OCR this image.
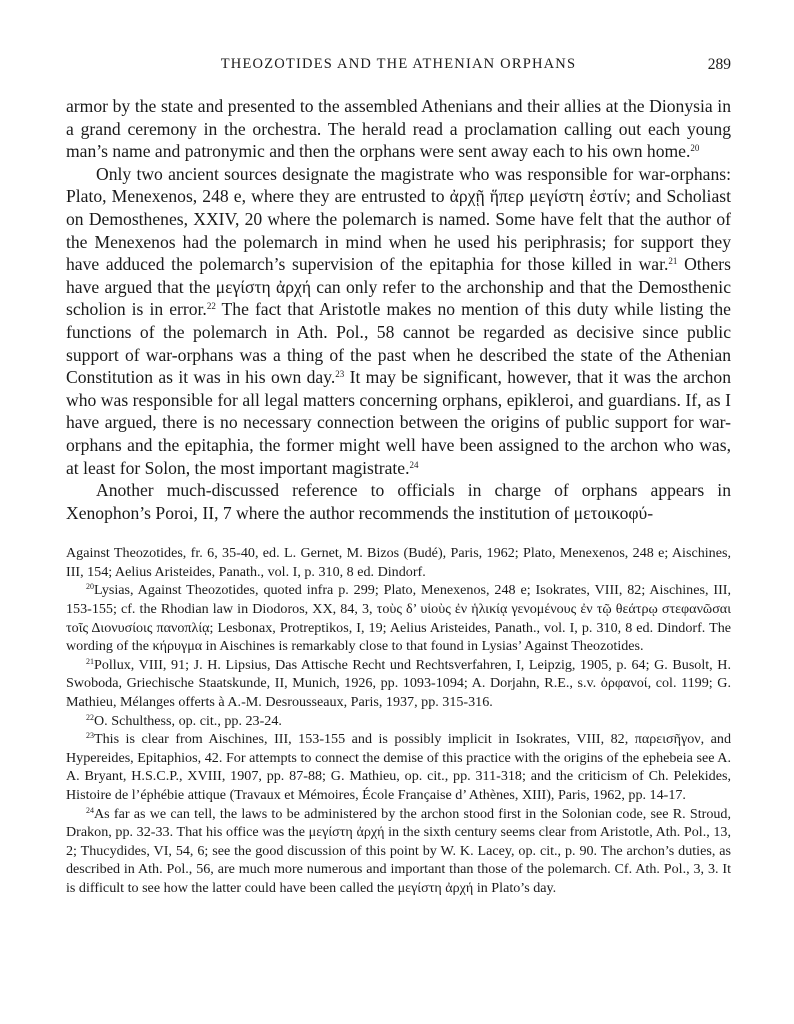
THEOZOTIDES AND THE ATHENIAN ORPHANS	289

armor by the state and presented to the assembled Athenians and their allies at the Dionysia in a grand ceremony in the orchestra. The herald read a proclamation calling out each young man’s name and patronymic and then the orphans were sent away each to his own home.$^{20}$

Only two ancient sources designate the magistrate who was responsible for war-orphans: Plato, Menexenos, 248 e, where they are entrusted to ἀρχῇ ἥπερ μεγίστη ἐστίν; and Scholiast on Demosthenes, XXIV, 20 where the polemarch is named. Some have felt that the author of the Menexenos had the polemarch in mind when he used his periphrasis; for support they have adduced the polemarch’s supervision of the epitaphia for those killed in war.$^{21}$ Others have argued that the μεγίστη ἀρχή can only refer to the archonship and that the Demosthenic scholion is in error.$^{22}$ The fact that Aristotle makes no mention of this duty while listing the functions of the polemarch in Ath. Pol., 58 cannot be regarded as decisive since public support of war-orphans was a thing of the past when he described the state of the Athenian Constitution as it was in his own day.$^{23}$ It may be significant, however, that it was the archon who was responsible for all legal matters concerning orphans, epikleroi, and guardians. If, as I have argued, there is no necessary connection between the origins of public support for war-orphans and the epitaphia, the former might well have been assigned to the archon who was, at least for Solon, the most important magistrate.$^{24}$

Another much-discussed reference to officials in charge of orphans appears in Xenophon’s Poroi, II, 7 where the author recommends the institution of μετοικοφύ-

Against Theozotides, fr. 6, 35-40, ed. L. Gernet, M. Bizos (Budé), Paris, 1962; Plato, Menexenos, 248 e; Aischines, III, 154; Aelius Aristeides, Panath., vol. I, p. 310, 8 ed. Dindorf.

$^{20}$Lysias, Against Theozotides, quoted infra p. 299; Plato, Menexenos, 248 e; Isokrates, VIII, 82; Aischines, III, 153-155; cf. the Rhodian law in Diodoros, XX, 84, 3, τοὺς δ’ υἱοὺς ἐν ἡλικίᾳ γενομένους ἐν τῷ θεάτρῳ στεφανῶσαι τοῖς Διονυσίοις πανοπλίᾳ; Lesbonax, Protreptikos, I, 19; Aelius Aristeides, Panath., vol. I, p. 310, 8 ed. Dindorf. The wording of the κήρυγμα in Aischines is remarkably close to that found in Lysias’ Against Theozotides.

$^{21}$Pollux, VIII, 91; J. H. Lipsius, Das Attische Recht und Rechtsverfahren, I, Leipzig, 1905, p. 64; G. Busolt, H. Swoboda, Griechische Staatskunde, II, Munich, 1926, pp. 1093-1094; A. Dorjahn, R.E., s.v. ὀρφανοί, col. 1199; G. Mathieu, Mélanges offerts à A.-M. Desrousseaux, Paris, 1937, pp. 315-316.

$^{22}$O. Schulthess, op. cit., pp. 23-24.

$^{23}$This is clear from Aischines, III, 153-155 and is possibly implicit in Isokrates, VIII, 82, παρεισῆγον, and Hypereides, Epitaphios, 42. For attempts to connect the demise of this practice with the origins of the ephebeia see A. A. Bryant, H.S.C.P., XVIII, 1907, pp. 87-88; G. Mathieu, op. cit., pp. 311-318; and the criticism of Ch. Pelekides, Histoire de l’éphébie attique (Travaux et Mémoires, École Française d’ Athènes, XIII), Paris, 1962, pp. 14-17.

$^{24}$As far as we can tell, the laws to be administered by the archon stood first in the Solonian code, see R. Stroud, Drakon, pp. 32-33. That his office was the μεγίστη ἀρχή in the sixth century seems clear from Aristotle, Ath. Pol., 13, 2; Thucydides, VI, 54, 6; see the good discussion of this point by W. K. Lacey, op. cit., p. 90. The archon’s duties, as described in Ath. Pol., 56, are much more numerous and important than those of the polemarch. Cf. Ath. Pol., 3, 3. It is difficult to see how the latter could have been called the μεγίστη ἀρχή in Plato’s day.
